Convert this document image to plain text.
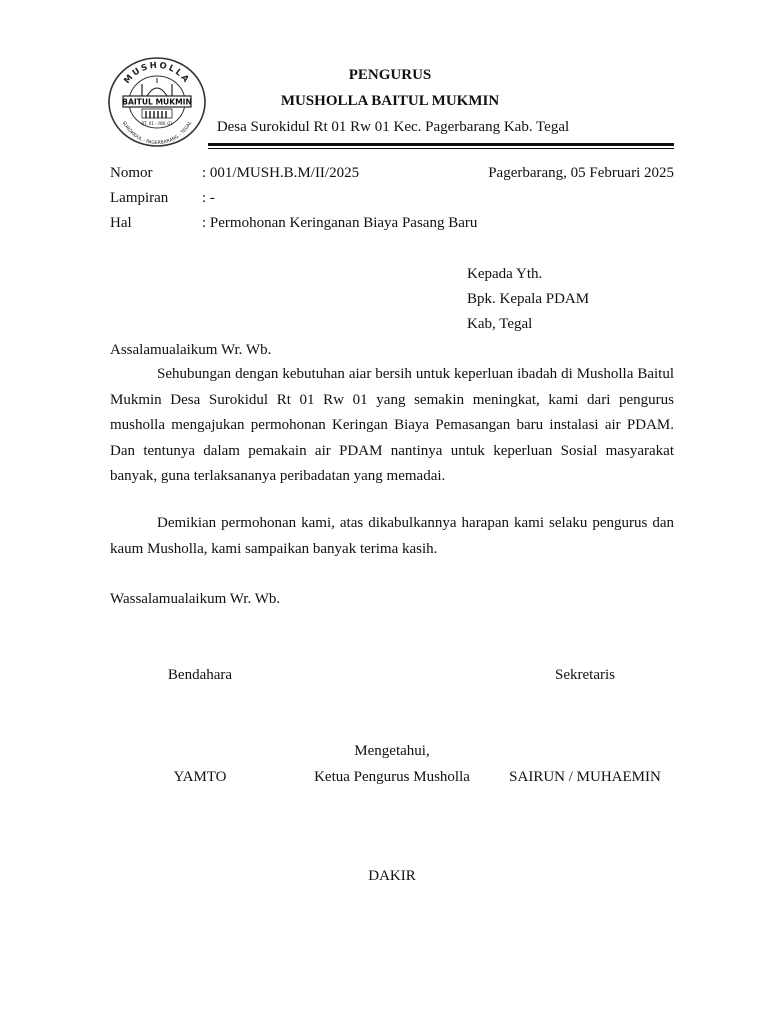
MUSHOLLA
SUROKIDUL - PAGERBARANG - TEGAL
BAITUL MUKMIN
RT. 01 - RW. 01
PENGURUS
MUSHOLLA BAITUL MUKMIN
Desa Surokidul Rt 01 Rw 01 Kec. Pagerbarang Kab. Tegal
Nomor	: 001/MUSH.B.M/II/2025	Pagerbarang, 05 Februari 2025
Lampiran : -
Hal	: Permohonan Keringanan Biaya Pasang Baru
Kepada Yth.
Bpk. Kepala PDAM
Kab, Tegal
Assalamualaikum Wr. Wb.
Sehubungan dengan kebutuhan aiar bersih untuk keperluan ibadah di Musholla Baitul Mukmin Desa Surokidul Rt 01 Rw 01 yang semakin meningkat, kami dari pengurus musholla mengajukan permohonan Keringan Biaya Pemasangan baru instalasi air PDAM. Dan tentunya dalam pemakain air PDAM nantinya untuk keperluan Sosial masyarakat banyak, guna terlaksananya peribadatan yang memadai.
Demikian permohonan kami, atas dikabulkannya harapan kami selaku pengurus dan kaum Musholla, kami sampaikan banyak terima kasih.
Wassalamualaikum Wr. Wb.
Bendahara	Sekretaris
Mengetahui,
YAMTO	Ketua Pengurus Musholla	SAIRUN / MUHAEMIN
DAKIR
